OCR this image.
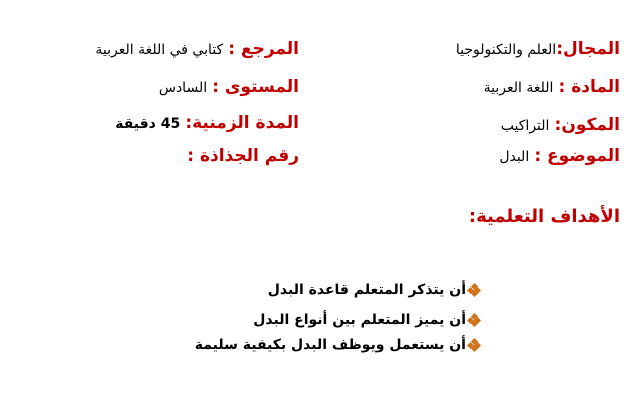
المجال:العلم والتكنولوجيا
المادة : اللغة العربية
المكون: التراكيب
الموضوع : البدل
المرجع : كتابي في اللغة العربية
المستوى : السادس
المدة الزمنية: 45 دقيقة
رقم الجذاذة :
الأهداف التعلمية:
أن يتذكر المتعلم قاعدة البدل
أن يميز المتعلم بين أنواع البدل
أن يستعمل ويوظف البدل بكيفية سليمة
